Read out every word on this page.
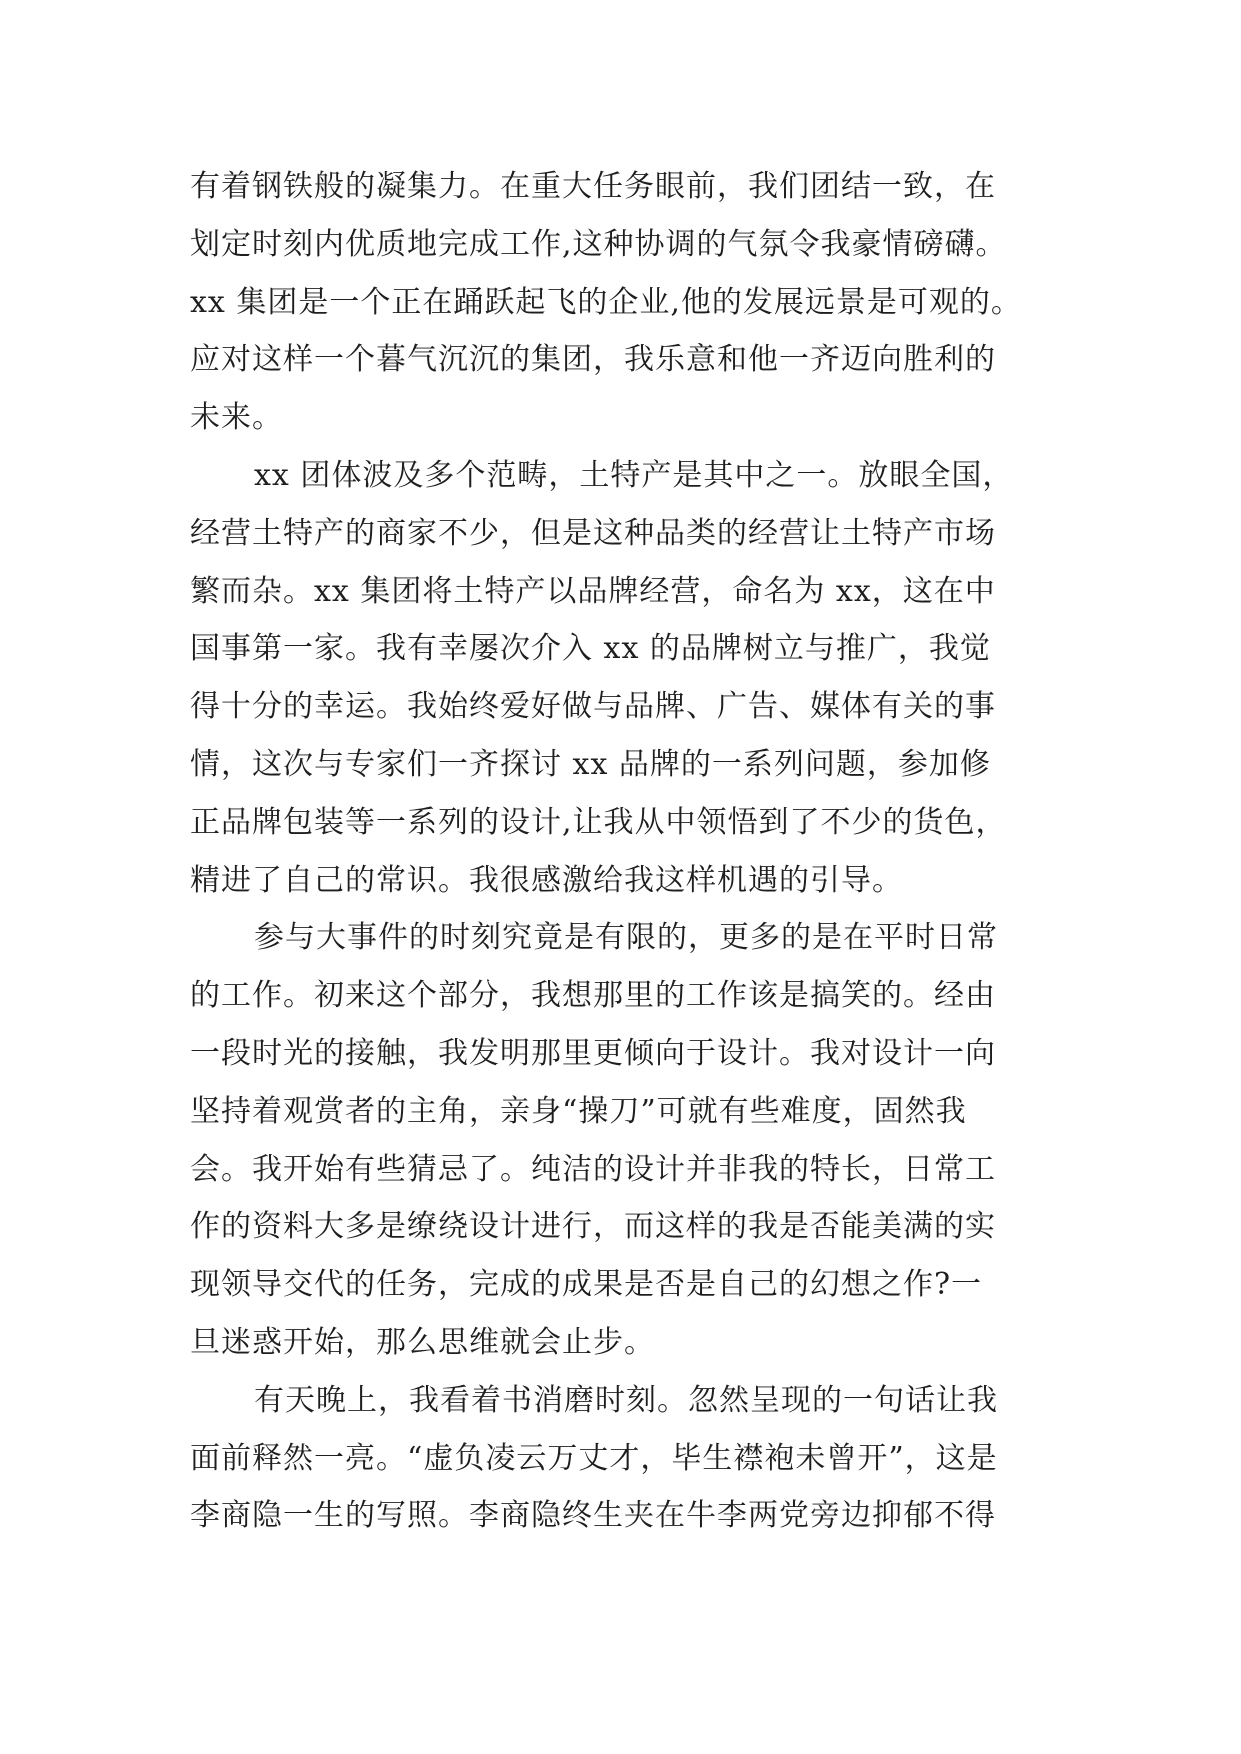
有着钢铁般的凝集力。在重大任务眼前，我们团结一致，在
划定时刻内优质地完成工作,这种协调的气氛令我豪情磅礴。
xx 集团是一个正在踊跃起飞的企业,他的发展远景是可观的。
应对这样一个暮气沉沉的集团，我乐意和他一齐迈向胜利的
未来。
xx 团体波及多个范畴，土特产是其中之一。放眼全国，
经营土特产的商家不少，但是这种品类的经营让土特产市场
繁而杂。xx 集团将土特产以品牌经营，命名为 xx，这在中
国事第一家。我有幸屡次介入 xx 的品牌树立与推广，我觉
得十分的幸运。我始终爱好做与品牌、广告、媒体有关的事
情，这次与专家们一齐探讨 xx 品牌的一系列问题，参加修
正品牌包装等一系列的设计,让我从中领悟到了不少的货色，
精进了自己的常识。我很感激给我这样机遇的引导。
参与大事件的时刻究竟是有限的，更多的是在平时日常
的工作。初来这个部分，我想那里的工作该是搞笑的。经由
一段时光的接触，我发明那里更倾向于设计。我对设计一向
坚持着观赏者的主角，亲身“操刀”可就有些难度，固然我
会。我开始有些猜忌了。纯洁的设计并非我的特长，日常工
作的资料大多是缭绕设计进行，而这样的我是否能美满的实
现领导交代的任务，完成的成果是否是自己的幻想之作?一
旦迷惑开始，那么思维就会止步。
有天晚上，我看着书消磨时刻。忽然呈现的一句话让我
面前释然一亮。“虚负凌云万丈才，毕生襟袍未曾开”，这是
李商隐一生的写照。李商隐终生夹在牛李两党旁边抑郁不得
